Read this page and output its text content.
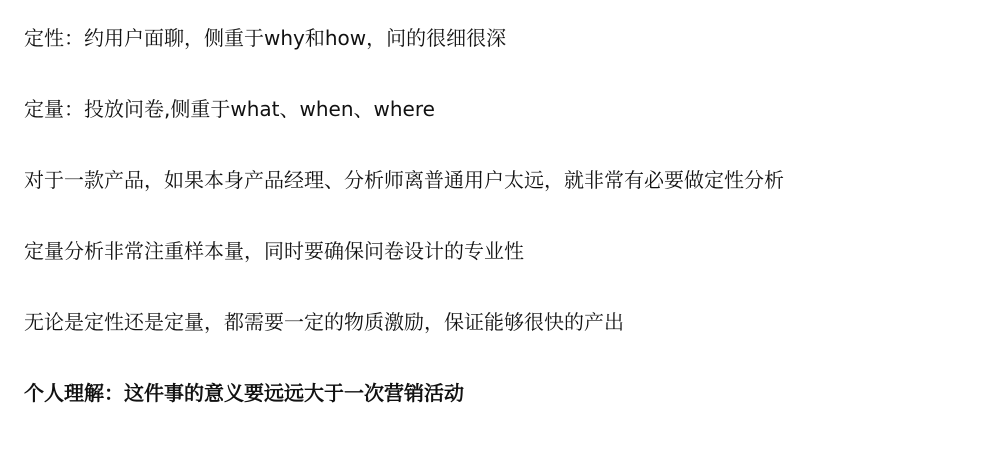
定性：约用户面聊，侧重于why和how，问的很细很深
定量：投放问卷,侧重于what、when、where
对于一款产品，如果本身产品经理、分析师离普通用户太远，就非常有必要做定性分析
定量分析非常注重样本量，同时要确保问卷设计的专业性
无论是定性还是定量，都需要一定的物质激励，保证能够很快的产出
个人理解：这件事的意义要远远大于一次营销活动
